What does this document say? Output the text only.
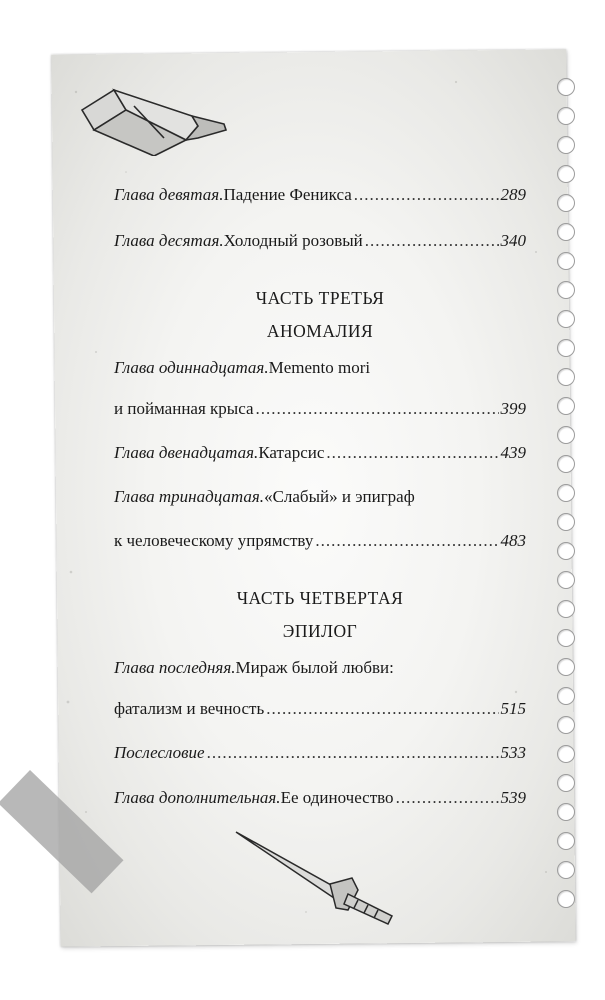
Глава девятая. Падение Феникса .....	289
Глава десятая. Холодный розовый .....	340
ЧАСТЬ ТРЕТЬЯ
АНОМАЛИЯ
Глава одиннадцатая. Memento mori
и пойманная крыса .....	399
Глава двенадцатая. Катарсис .....	439
Глава тринадцатая. «Слабый» и эпиграф
к человеческому упрямству .....	483
ЧАСТЬ ЧЕТВЕРТАЯ
ЭПИЛОГ
Глава последняя. Мираж былой любви:
фатализм и вечность .....	515
Послесловие .....	533
Глава дополнительная. Ее одиночество .....	539
